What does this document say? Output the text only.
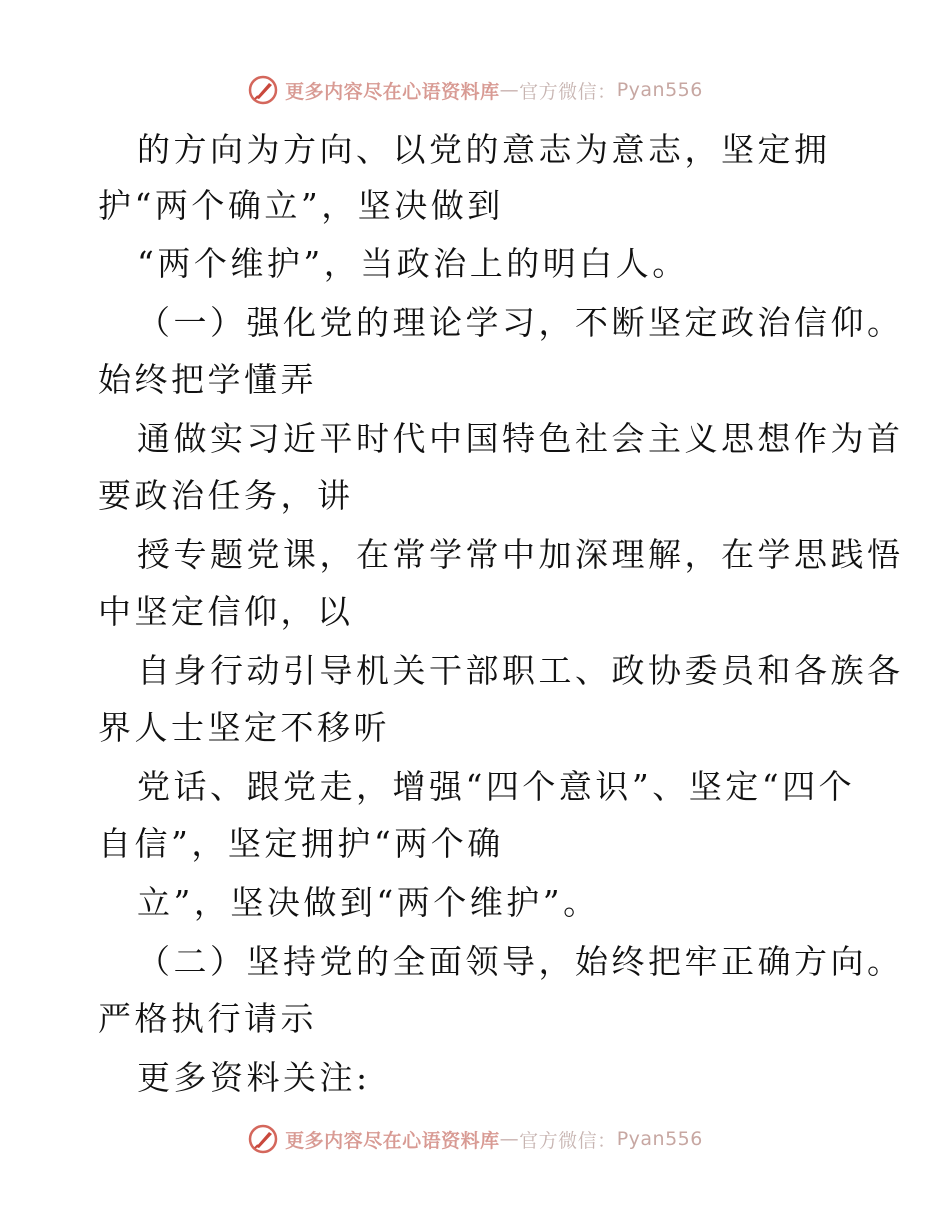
更多内容尽在心语资料库 — 官方微信： Pyan556
的方向为方向、以党的意志为意志，坚定拥
护“两个确立”，坚决做到
“两个维护”，当政治上的明白人。
（一）强化党的理论学习，不断坚定政治信仰。
始终把学懂弄
通做实习近平时代中国特色社会主义思想作为首
要政治任务，讲
授专题党课，在常学常中加深理解，在学思践悟
中坚定信仰，以
自身行动引导机关干部职工、政协委员和各族各
界人士坚定不移听
党话、跟党走，增强“四个意识”、坚定“四个
自信”，坚定拥护“两个确
立”，坚决做到“两个维护”。
（二）坚持党的全面领导，始终把牢正确方向。
严格执行请示
更多资料关注:
更多内容尽在心语资料库 — 官方微信： Pyan556
